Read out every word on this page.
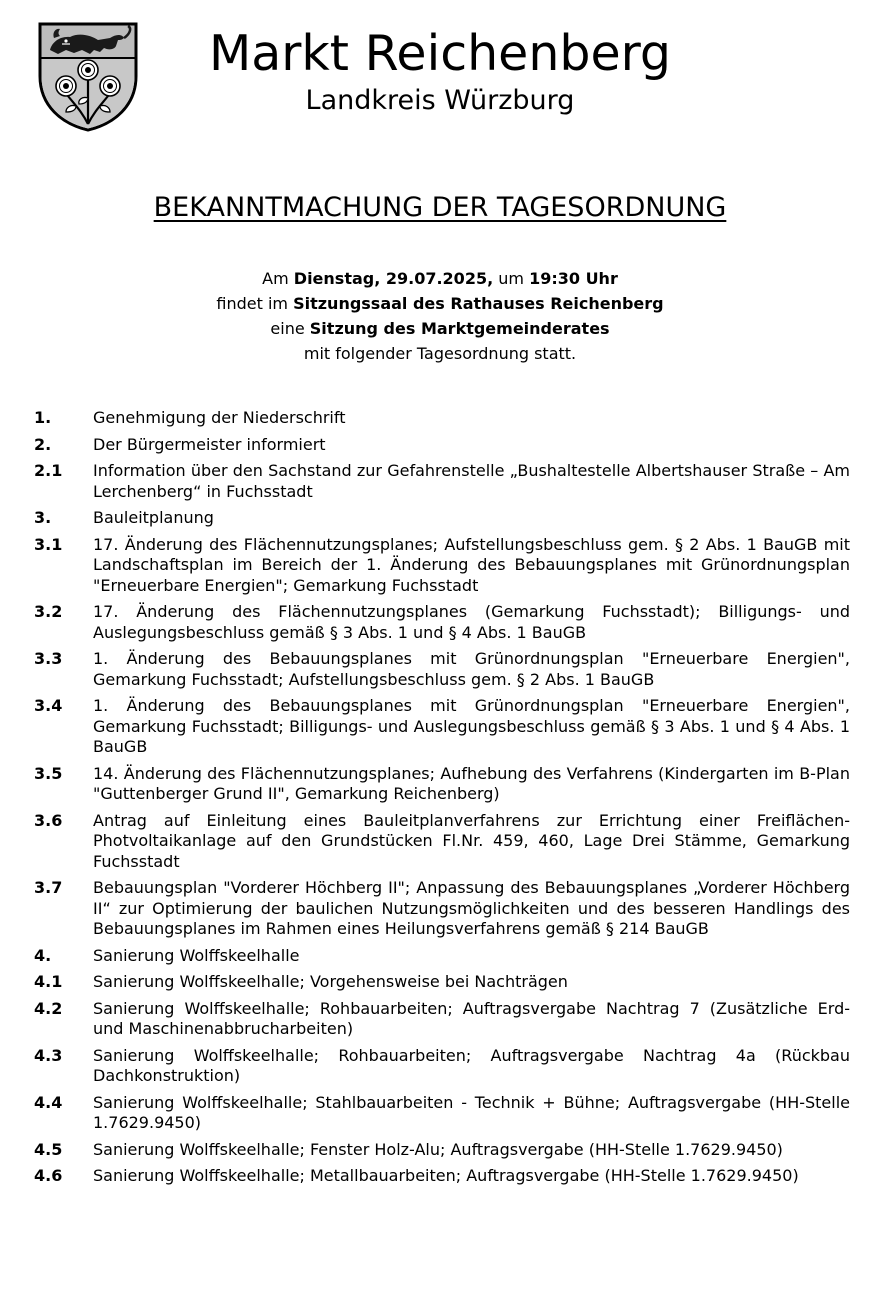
Markt Reichenberg
Landkreis Würzburg
BEKANNTMACHUNG DER TAGESORDNUNG
Am Dienstag, 29.07.2025, um 19:30 Uhr
findet im Sitzungssaal des Rathauses Reichenberg
eine Sitzung des Marktgemeinderates
mit folgender Tagesordnung statt.
1.	Genehmigung der Niederschrift
2.	Der Bürgermeister informiert
2.1	Information über den Sachstand zur Gefahrenstelle „Bushaltestelle Albertshauser Straße – Am Lerchenberg“ in Fuchsstadt
3.	Bauleitplanung
3.1	17. Änderung des Flächennutzungsplanes; Aufstellungsbeschluss gem. § 2 Abs. 1 BauGB mit Landschaftsplan im Bereich der 1. Änderung des Bebauungsplanes mit Grünordnungsplan "Erneuerbare Energien"; Gemarkung Fuchsstadt
3.2	17. Änderung des Flächennutzungsplanes (Gemarkung Fuchsstadt); Billigungs- und Auslegungsbeschluss gemäß § 3 Abs. 1 und § 4 Abs. 1 BauGB
3.3	1. Änderung des Bebauungsplanes mit Grünordnungsplan "Erneuerbare Energien", Gemarkung Fuchsstadt; Aufstellungsbeschluss gem. § 2 Abs. 1 BauGB
3.4	1. Änderung des Bebauungsplanes mit Grünordnungsplan "Erneuerbare Energien", Gemarkung Fuchsstadt; Billigungs- und Auslegungsbeschluss gemäß § 3 Abs. 1 und § 4 Abs. 1 BauGB
3.5	14. Änderung des Flächennutzungsplanes; Aufhebung des Verfahrens (Kindergarten im B-Plan "Guttenberger Grund II", Gemarkung Reichenberg)
3.6	Antrag auf Einleitung eines Bauleitplanverfahrens zur Errichtung einer Freiflächen-Photvoltaikanlage auf den Grundstücken Fl.Nr. 459, 460, Lage Drei Stämme, Gemarkung Fuchsstadt
3.7	Bebauungsplan "Vorderer Höchberg II"; Anpassung des Bebauungsplanes „Vorderer Höchberg II“ zur Optimierung der baulichen Nutzungsmöglichkeiten und des besseren Handlings des Bebauungsplanes im Rahmen eines Heilungsverfahrens gemäß § 214 BauGB
4.	Sanierung Wolffskeelhalle
4.1	Sanierung Wolffskeelhalle; Vorgehensweise bei Nachträgen
4.2	Sanierung Wolffskeelhalle; Rohbauarbeiten; Auftragsvergabe Nachtrag 7 (Zusätzliche Erd- und Maschinenabbrucharbeiten)
4.3	Sanierung Wolffskeelhalle; Rohbauarbeiten; Auftragsvergabe Nachtrag 4a (Rückbau Dachkonstruktion)
4.4	Sanierung Wolffskeelhalle; Stahlbauarbeiten - Technik + Bühne; Auftragsvergabe (HH-Stelle 1.7629.9450)
4.5	Sanierung Wolffskeelhalle; Fenster Holz-Alu; Auftragsvergabe (HH-Stelle 1.7629.9450)
4.6	Sanierung Wolffskeelhalle; Metallbauarbeiten; Auftragsvergabe (HH-Stelle 1.7629.9450)
